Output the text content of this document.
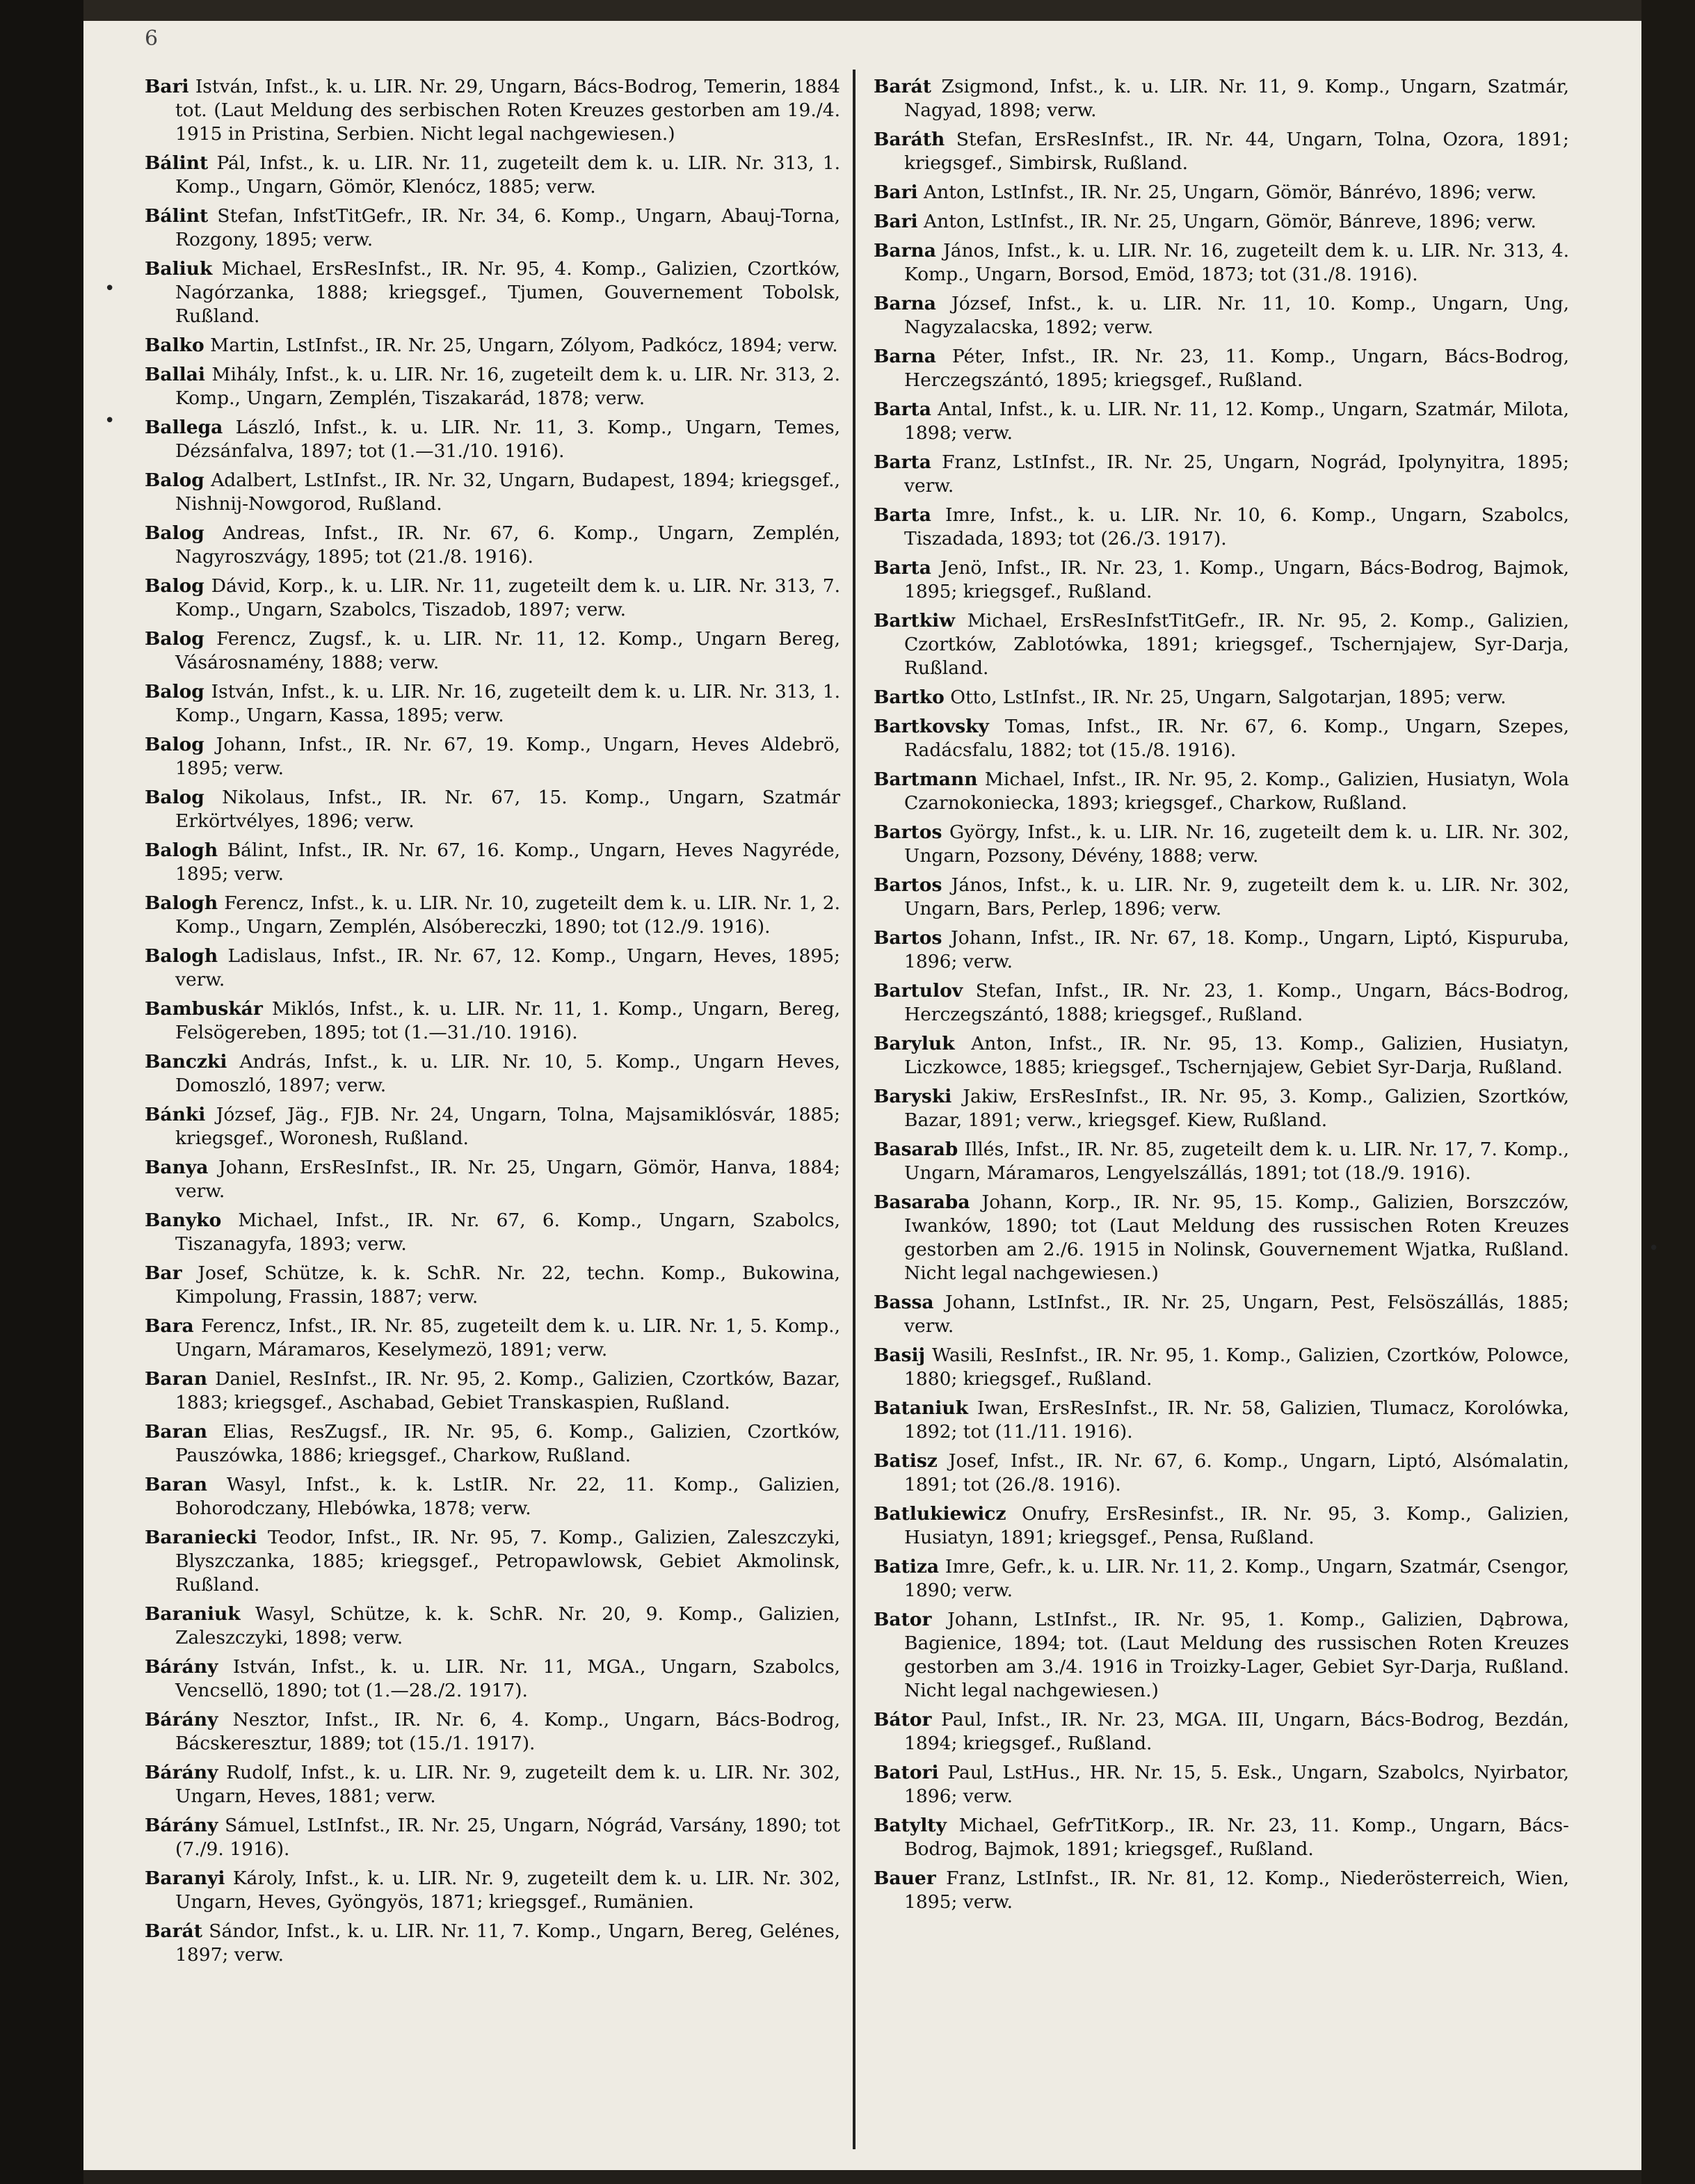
6
•
•
•

Bari István, Infst., k. u. LIR. Nr. 29, Ungarn, Bács-Bodrog, Temerin, 1884 tot. (Laut Meldung des serbischen Roten Kreuzes gestorben am 19./4. 1915 in Pristina, Serbien. Nicht legal nachgewiesen.)

Bálint Pál, Infst., k. u. LIR. Nr. 11, zugeteilt dem k. u. LIR. Nr. 313, 1. Komp., Ungarn, Gömör, Klenócz, 1885; verw.

Bálint Stefan, InfstTitGefr., IR. Nr. 34, 6. Komp., Ungarn, Abauj-Torna, Rozgony, 1895; verw.

Baliuk Michael, ErsResInfst., IR. Nr. 95, 4. Komp., Galizien, Czortków, Nagórzanka, 1888; kriegsgef., Tjumen, Gouvernement Tobolsk, Rußland.

Balko Martin, LstInfst., IR. Nr. 25, Ungarn, Zólyom, Padkócz, 1894; verw.

Ballai Mihály, Infst., k. u. LIR. Nr. 16, zugeteilt dem k. u. LIR. Nr. 313, 2. Komp., Ungarn, Zemplén, Tiszakarád, 1878; verw.

Ballega László, Infst., k. u. LIR. Nr. 11, 3. Komp., Ungarn, Temes, Dézsánfalva, 1897; tot (1.—31./10. 1916).

Balog Adalbert, LstInfst., IR. Nr. 32, Ungarn, Budapest, 1894; kriegsgef., Nishnij-Nowgorod, Rußland.

Balog Andreas, Infst., IR. Nr. 67, 6. Komp., Ungarn, Zemplén, Nagyroszvágy, 1895; tot (21./8. 1916).

Balog Dávid, Korp., k. u. LIR. Nr. 11, zugeteilt dem k. u. LIR. Nr. 313, 7. Komp., Ungarn, Szabolcs, Tiszadob, 1897; verw.

Balog Ferencz, Zugsf., k. u. LIR. Nr. 11, 12. Komp., Ungarn Bereg, Vásárosnamény, 1888; verw.

Balog István, Infst., k. u. LIR. Nr. 16, zugeteilt dem k. u. LIR. Nr. 313, 1. Komp., Ungarn, Kassa, 1895; verw.

Balog Johann, Infst., IR. Nr. 67, 19. Komp., Ungarn, Heves Aldebrö, 1895; verw.

Balog Nikolaus, Infst., IR. Nr. 67, 15. Komp., Ungarn, Szatmár Erkörtvélyes, 1896; verw.

Balogh Bálint, Infst., IR. Nr. 67, 16. Komp., Ungarn, Heves Nagyréde, 1895; verw.

Balogh Ferencz, Infst., k. u. LIR. Nr. 10, zugeteilt dem k. u. LIR. Nr. 1, 2. Komp., Ungarn, Zemplén, Alsóbereczki, 1890; tot (12./9. 1916).

Balogh Ladislaus, Infst., IR. Nr. 67, 12. Komp., Ungarn, Heves, 1895; verw.

Bambuskár Miklós, Infst., k. u. LIR. Nr. 11, 1. Komp., Ungarn, Bereg, Felsögereben, 1895; tot (1.—31./10. 1916).

Banczki András, Infst., k. u. LIR. Nr. 10, 5. Komp., Ungarn Heves, Domoszló, 1897; verw.

Bánki József, Jäg., FJB. Nr. 24, Ungarn, Tolna, Majsamiklósvár, 1885; kriegsgef., Woronesh, Rußland.

Banya Johann, ErsResInfst., IR. Nr. 25, Ungarn, Gömör, Hanva, 1884; verw.

Banyko Michael, Infst., IR. Nr. 67, 6. Komp., Ungarn, Szabolcs, Tiszanagyfa, 1893; verw.

Bar Josef, Schütze, k. k. SchR. Nr. 22, techn. Komp., Bukowina, Kimpolung, Frassin, 1887; verw.

Bara Ferencz, Infst., IR. Nr. 85, zugeteilt dem k. u. LIR. Nr. 1, 5. Komp., Ungarn, Máramaros, Keselymezö, 1891; verw.

Baran Daniel, ResInfst., IR. Nr. 95, 2. Komp., Galizien, Czortków, Bazar, 1883; kriegsgef., Aschabad, Gebiet Transkaspien, Rußland.

Baran Elias, ResZugsf., IR. Nr. 95, 6. Komp., Galizien, Czortków, Pauszówka, 1886; kriegsgef., Charkow, Rußland.

Baran Wasyl, Infst., k. k. LstIR. Nr. 22, 11. Komp., Galizien, Bohorodczany, Hlebówka, 1878; verw.

Baraniecki Teodor, Infst., IR. Nr. 95, 7. Komp., Galizien, Zaleszczyki, Blyszczanka, 1885; kriegsgef., Petropawlowsk, Gebiet Akmolinsk, Rußland.

Baraniuk Wasyl, Schütze, k. k. SchR. Nr. 20, 9. Komp., Galizien, Zaleszczyki, 1898; verw.

Bárány István, Infst., k. u. LIR. Nr. 11, MGA., Ungarn, Szabolcs, Vencsellö, 1890; tot (1.—28./2. 1917).

Bárány Nesztor, Infst., IR. Nr. 6, 4. Komp., Ungarn, Bács-Bodrog, Bácskeresztur, 1889; tot (15./1. 1917).

Bárány Rudolf, Infst., k. u. LIR. Nr. 9, zugeteilt dem k. u. LIR. Nr. 302, Ungarn, Heves, 1881; verw.

Bárány Sámuel, LstInfst., IR. Nr. 25, Ungarn, Nógrád, Varsány, 1890; tot (7./9. 1916).

Baranyi Károly, Infst., k. u. LIR. Nr. 9, zugeteilt dem k. u. LIR. Nr. 302, Ungarn, Heves, Gyöngyös, 1871; kriegsgef., Rumänien.

Barát Sándor, Infst., k. u. LIR. Nr. 11, 7. Komp., Ungarn, Bereg, Gelénes, 1897; verw.

Barát Zsigmond, Infst., k. u. LIR. Nr. 11, 9. Komp., Ungarn, Szatmár, Nagyad, 1898; verw.

Baráth Stefan, ErsResInfst., IR. Nr. 44, Ungarn, Tolna, Ozora, 1891; kriegsgef., Simbirsk, Rußland.

Bari Anton, LstInfst., IR. Nr. 25, Ungarn, Gömör, Bánrévo, 1896; verw.

Bari Anton, LstInfst., IR. Nr. 25, Ungarn, Gömör, Bánreve, 1896; verw.

Barna János, Infst., k. u. LIR. Nr. 16, zugeteilt dem k. u. LIR. Nr. 313, 4. Komp., Ungarn, Borsod, Emöd, 1873; tot (31./8. 1916).

Barna József, Infst., k. u. LIR. Nr. 11, 10. Komp., Ungarn, Ung, Nagyzalacska, 1892; verw.

Barna Péter, Infst., IR. Nr. 23, 11. Komp., Ungarn, Bács-Bodrog, Herczegszántó, 1895; kriegsgef., Rußland.

Barta Antal, Infst., k. u. LIR. Nr. 11, 12. Komp., Ungarn, Szatmár, Milota, 1898; verw.

Barta Franz, LstInfst., IR. Nr. 25, Ungarn, Nográd, Ipolynyitra, 1895; verw.

Barta Imre, Infst., k. u. LIR. Nr. 10, 6. Komp., Ungarn, Szabolcs, Tiszadada, 1893; tot (26./3. 1917).

Barta Jenö, Infst., IR. Nr. 23, 1. Komp., Ungarn, Bács-Bodrog, Bajmok, 1895; kriegsgef., Rußland.

Bartkiw Michael, ErsResInfstTitGefr., IR. Nr. 95, 2. Komp., Galizien, Czortków, Zablotówka, 1891; kriegsgef., Tschernjajew, Syr-Darja, Rußland.

Bartko Otto, LstInfst., IR. Nr. 25, Ungarn, Salgotarjan, 1895; verw.

Bartkovsky Tomas, Infst., IR. Nr. 67, 6. Komp., Ungarn, Szepes, Radácsfalu, 1882; tot (15./8. 1916).

Bartmann Michael, Infst., IR. Nr. 95, 2. Komp., Galizien, Husiatyn, Wola Czarnokoniecka, 1893; kriegsgef., Charkow, Rußland.

Bartos György, Infst., k. u. LIR. Nr. 16, zugeteilt dem k. u. LIR. Nr. 302, Ungarn, Pozsony, Dévény, 1888; verw.

Bartos János, Infst., k. u. LIR. Nr. 9, zugeteilt dem k. u. LIR. Nr. 302, Ungarn, Bars, Perlep, 1896; verw.

Bartos Johann, Infst., IR. Nr. 67, 18. Komp., Ungarn, Liptó, Kispuruba, 1896; verw.

Bartulov Stefan, Infst., IR. Nr. 23, 1. Komp., Ungarn, Bács-Bodrog, Herczegszántó, 1888; kriegsgef., Rußland.

Baryluk Anton, Infst., IR. Nr. 95, 13. Komp., Galizien, Husiatyn, Liczkowce, 1885; kriegsgef., Tschernjajew, Gebiet Syr-Darja, Rußland.

Baryski Jakiw, ErsResInfst., IR. Nr. 95, 3. Komp., Galizien, Szortków, Bazar, 1891; verw., kriegsgef. Kiew, Rußland.

Basarab Illés, Infst., IR. Nr. 85, zugeteilt dem k. u. LIR. Nr. 17, 7. Komp., Ungarn, Máramaros, Lengyelszállás, 1891; tot (18./9. 1916).

Basaraba Johann, Korp., IR. Nr. 95, 15. Komp., Galizien, Borszczów, Iwanków, 1890; tot (Laut Meldung des russischen Roten Kreuzes gestorben am 2./6. 1915 in Nolinsk, Gouvernement Wjatka, Rußland. Nicht legal nachgewiesen.)

Bassa Johann, LstInfst., IR. Nr. 25, Ungarn, Pest, Felsöszállás, 1885; verw.

Basij Wasili, ResInfst., IR. Nr. 95, 1. Komp., Galizien, Czortków, Polowce, 1880; kriegsgef., Rußland.

Bataniuk Iwan, ErsResInfst., IR. Nr. 58, Galizien, Tlumacz, Korolówka, 1892; tot (11./11. 1916).

Batisz Josef, Infst., IR. Nr. 67, 6. Komp., Ungarn, Liptó, Alsómalatin, 1891; tot (26./8. 1916).

Batlukiewicz Onufry, ErsResinfst., IR. Nr. 95, 3. Komp., Galizien, Husiatyn, 1891; kriegsgef., Pensa, Rußland.

Batiza Imre, Gefr., k. u. LIR. Nr. 11, 2. Komp., Ungarn, Szatmár, Csengor, 1890; verw.

Bator Johann, LstInfst., IR. Nr. 95, 1. Komp., Galizien, Dąbrowa, Bagienice, 1894; tot. (Laut Meldung des russischen Roten Kreuzes gestorben am 3./4. 1916 in Troizky-Lager, Gebiet Syr-Darja, Rußland. Nicht legal nachgewiesen.)

Bátor Paul, Infst., IR. Nr. 23, MGA. III, Ungarn, Bács-Bodrog, Bezdán, 1894; kriegsgef., Rußland.

Batori Paul, LstHus., HR. Nr. 15, 5. Esk., Ungarn, Szabolcs, Nyirbator, 1896; verw.

Batylty Michael, GefrTitKorp., IR. Nr. 23, 11. Komp., Ungarn, Bács-Bodrog, Bajmok, 1891; kriegsgef., Rußland.

Bauer Franz, LstInfst., IR. Nr. 81, 12. Komp., Niederösterreich, Wien, 1895; verw.
